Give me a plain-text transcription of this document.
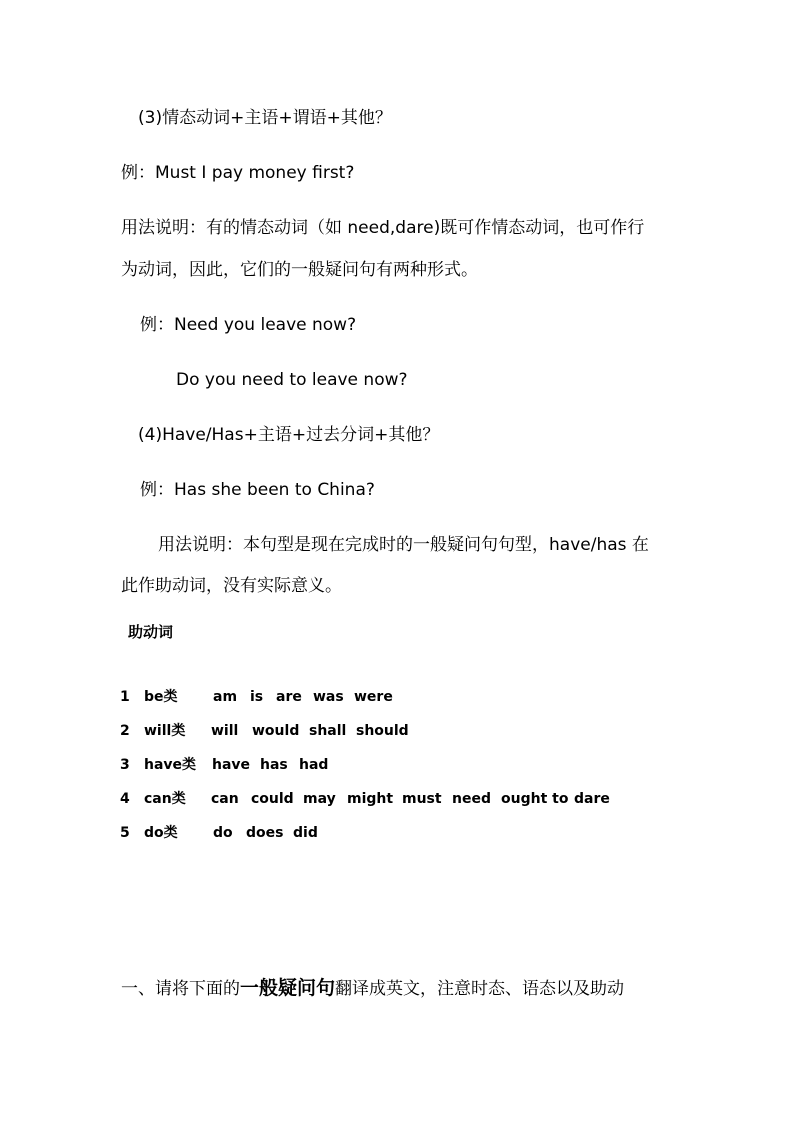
(3)情态动词+主语+谓语+其他？
例：Must I pay money first?
用法说明：有的情态动词（如 need,dare)既可作情态动词，也可作行
为动词，因此，它们的一般疑问句有两种形式。
例：Need you leave now?
Do you need to leave now?
(4)Have/Has+主语+过去分词+其他？
例：Has she been to China?
用法说明：本句型是现在完成时的一般疑问句句型，have/has 在
此作助动词，没有实际意义。
助动词
1 be类	am is are was were
2 will类 will would shall should
3 have类 have has had
4 can类 can could may might must need ought to dare
5 do类	do does did
一、请将下面的一般疑问句翻译成英文，注意时态、语态以及助动
